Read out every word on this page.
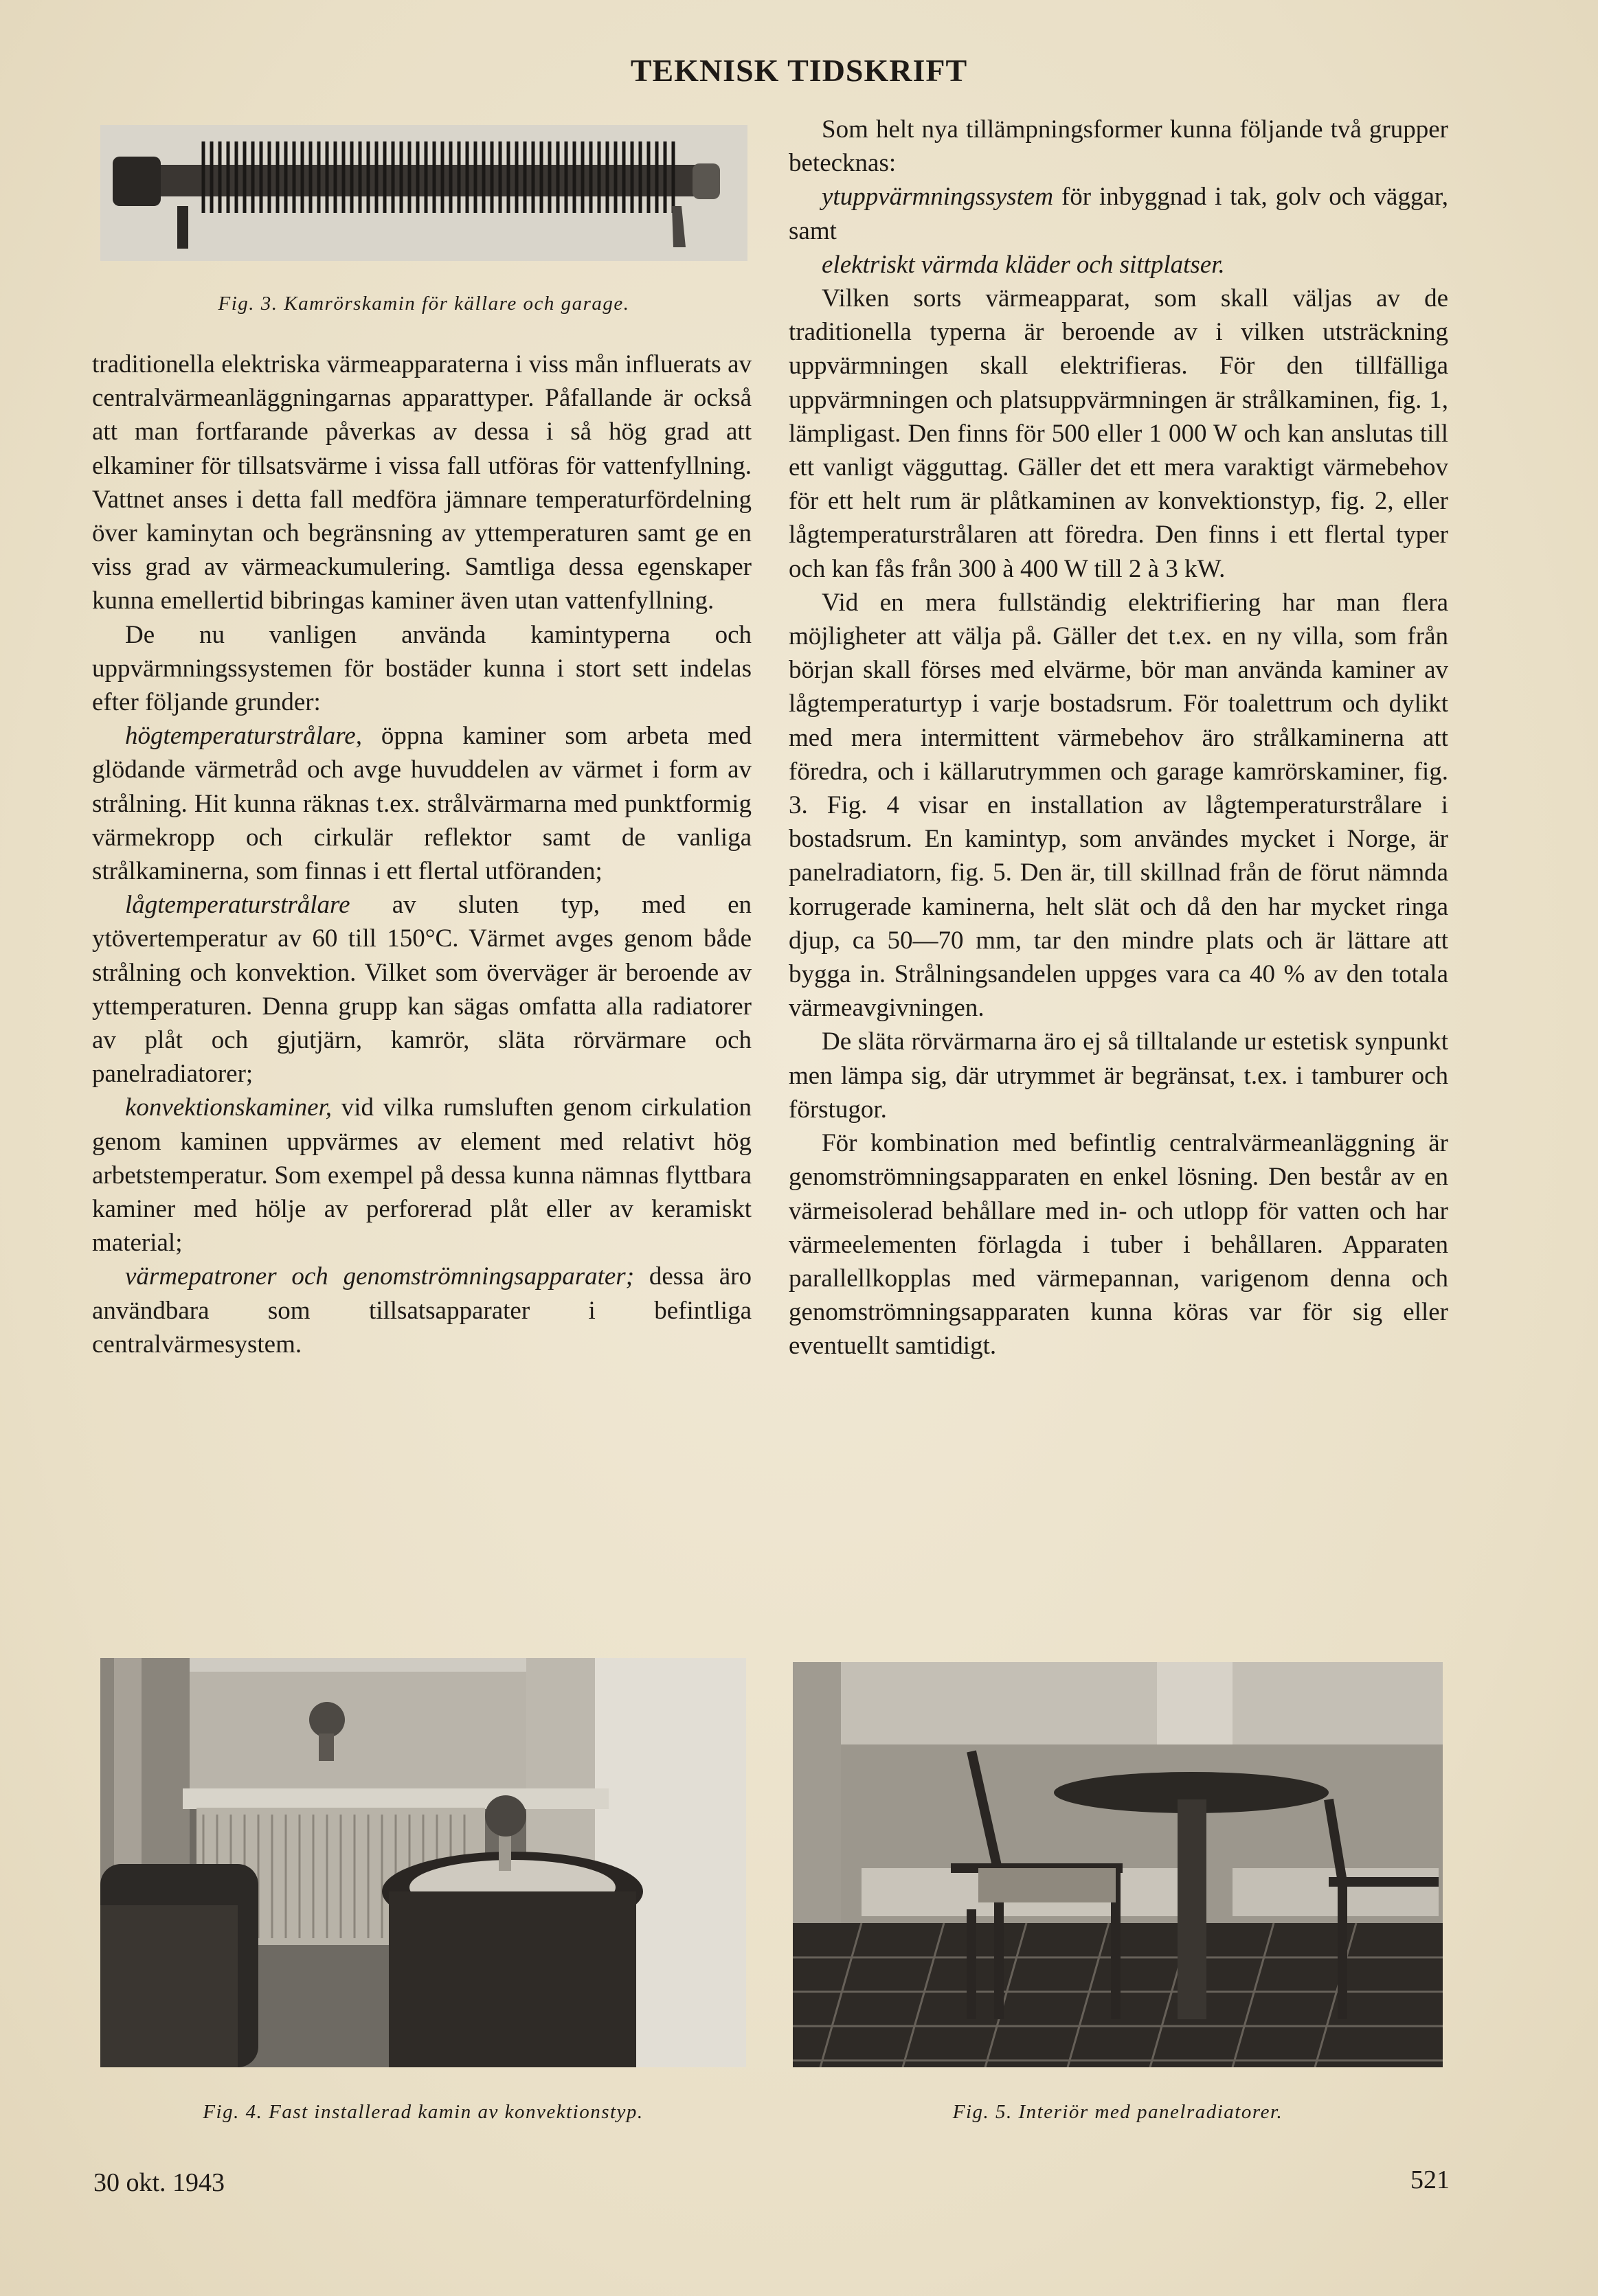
TEKNISK TIDSKRIFT
Fig. 3. Kamrörskamin för källare och garage.

traditionella elektriska värmeapparaterna i viss mån influerats av centralvärmeanläggningarnas apparattyper. Påfallande är också att man fortfarande påverkas av dessa i så hög grad att elkaminer för tillsatsvärme i vissa fall utföras för vattenfyllning. Vattnet anses i detta fall medföra jämnare temperaturfördelning över kaminytan och begränsning av yttemperaturen samt ge en viss grad av värmeackumulering. Samtliga dessa egenskaper kunna emellertid bibringas kaminer även utan vattenfyllning.

De nu vanligen använda kamintyperna och uppvärmningssystemen för bostäder kunna i stort sett indelas efter följande grunder:

högtemperaturstrålare, öppna kaminer som arbeta med glödande värmetråd och avge huvuddelen av värmet i form av strålning. Hit kunna räknas t.ex. strålvärmarna med punktformig värmekropp och cirkulär reflektor samt de vanliga strålkaminerna, som finnas i ett flertal utföranden;

lågtemperaturstrålare av sluten typ, med en ytövertemperatur av 60 till 150°C. Värmet avges genom både strålning och konvektion. Vilket som överväger är beroende av yttemperaturen. Denna grupp kan sägas omfatta alla radiatorer av plåt och gjutjärn, kamrör, släta rörvärmare och panelradiatorer;

konvektionskaminer, vid vilka rumsluften genom cirkulation genom kaminen uppvärmes av element med relativt hög arbetstemperatur. Som exempel på dessa kunna nämnas flyttbara kaminer med hölje av perforerad plåt eller av keramiskt material;

värmepatroner och genomströmningsapparater; dessa äro användbara som tillsatsapparater i befintliga centralvärmesystem.

Som helt nya tillämpningsformer kunna följande två grupper betecknas:

ytuppvärmningssystem för inbyggnad i tak, golv och väggar, samt

elektriskt värmda kläder och sittplatser.

Vilken sorts värmeapparat, som skall väljas av de traditionella typerna är beroende av i vilken utsträckning uppvärmningen skall elektrifieras. För den tillfälliga uppvärmningen och platsuppvärmningen är strålkaminen, fig. 1, lämpligast. Den finns för 500 eller 1 000 W och kan anslutas till ett vanligt vägguttag. Gäller det ett mera varaktigt värmebehov för ett helt rum är plåtkaminen av konvektionstyp, fig. 2, eller lågtemperaturstrålaren att föredra. Den finns i ett flertal typer och kan fås från 300 à 400 W till 2 à 3 kW.

Vid en mera fullständig elektrifiering har man flera möjligheter att välja på. Gäller det t.ex. en ny villa, som från början skall förses med elvärme, bör man använda kaminer av lågtemperaturtyp i varje bostadsrum. För toalettrum och dylikt med mera intermittent värmebehov äro strålkaminerna att föredra, och i källarutrymmen och garage kamrörskaminer, fig. 3. Fig. 4 visar en installation av lågtemperaturstrålare i bostadsrum. En kamintyp, som användes mycket i Norge, är panelradiatorn, fig. 5. Den är, till skillnad från de förut nämnda korrugerade kaminerna, helt slät och då den har mycket ringa djup, ca 50—70 mm, tar den mindre plats och är lättare att bygga in. Strålningsandelen uppges vara ca 40 % av den totala värmeavgivningen.

De släta rörvärmarna äro ej så tilltalande ur estetisk synpunkt men lämpa sig, där utrymmet är begränsat, t.ex. i tamburer och förstugor.

För kombination med befintlig centralvärmeanläggning är genomströmningsapparaten en enkel lösning. Den består av en värmeisolerad behållare med in- och utlopp för vatten och har värmeelementen förlagda i tuber i behållaren. Apparaten parallellkopplas med värmepannan, varigenom denna och genomströmningsapparaten kunna köras var för sig eller eventuellt samtidigt.

Fig. 4. Fast installerad kamin av konvektionstyp.	Fig. 5. Interiör med panelradiatorer.
30 okt. 1943	521
